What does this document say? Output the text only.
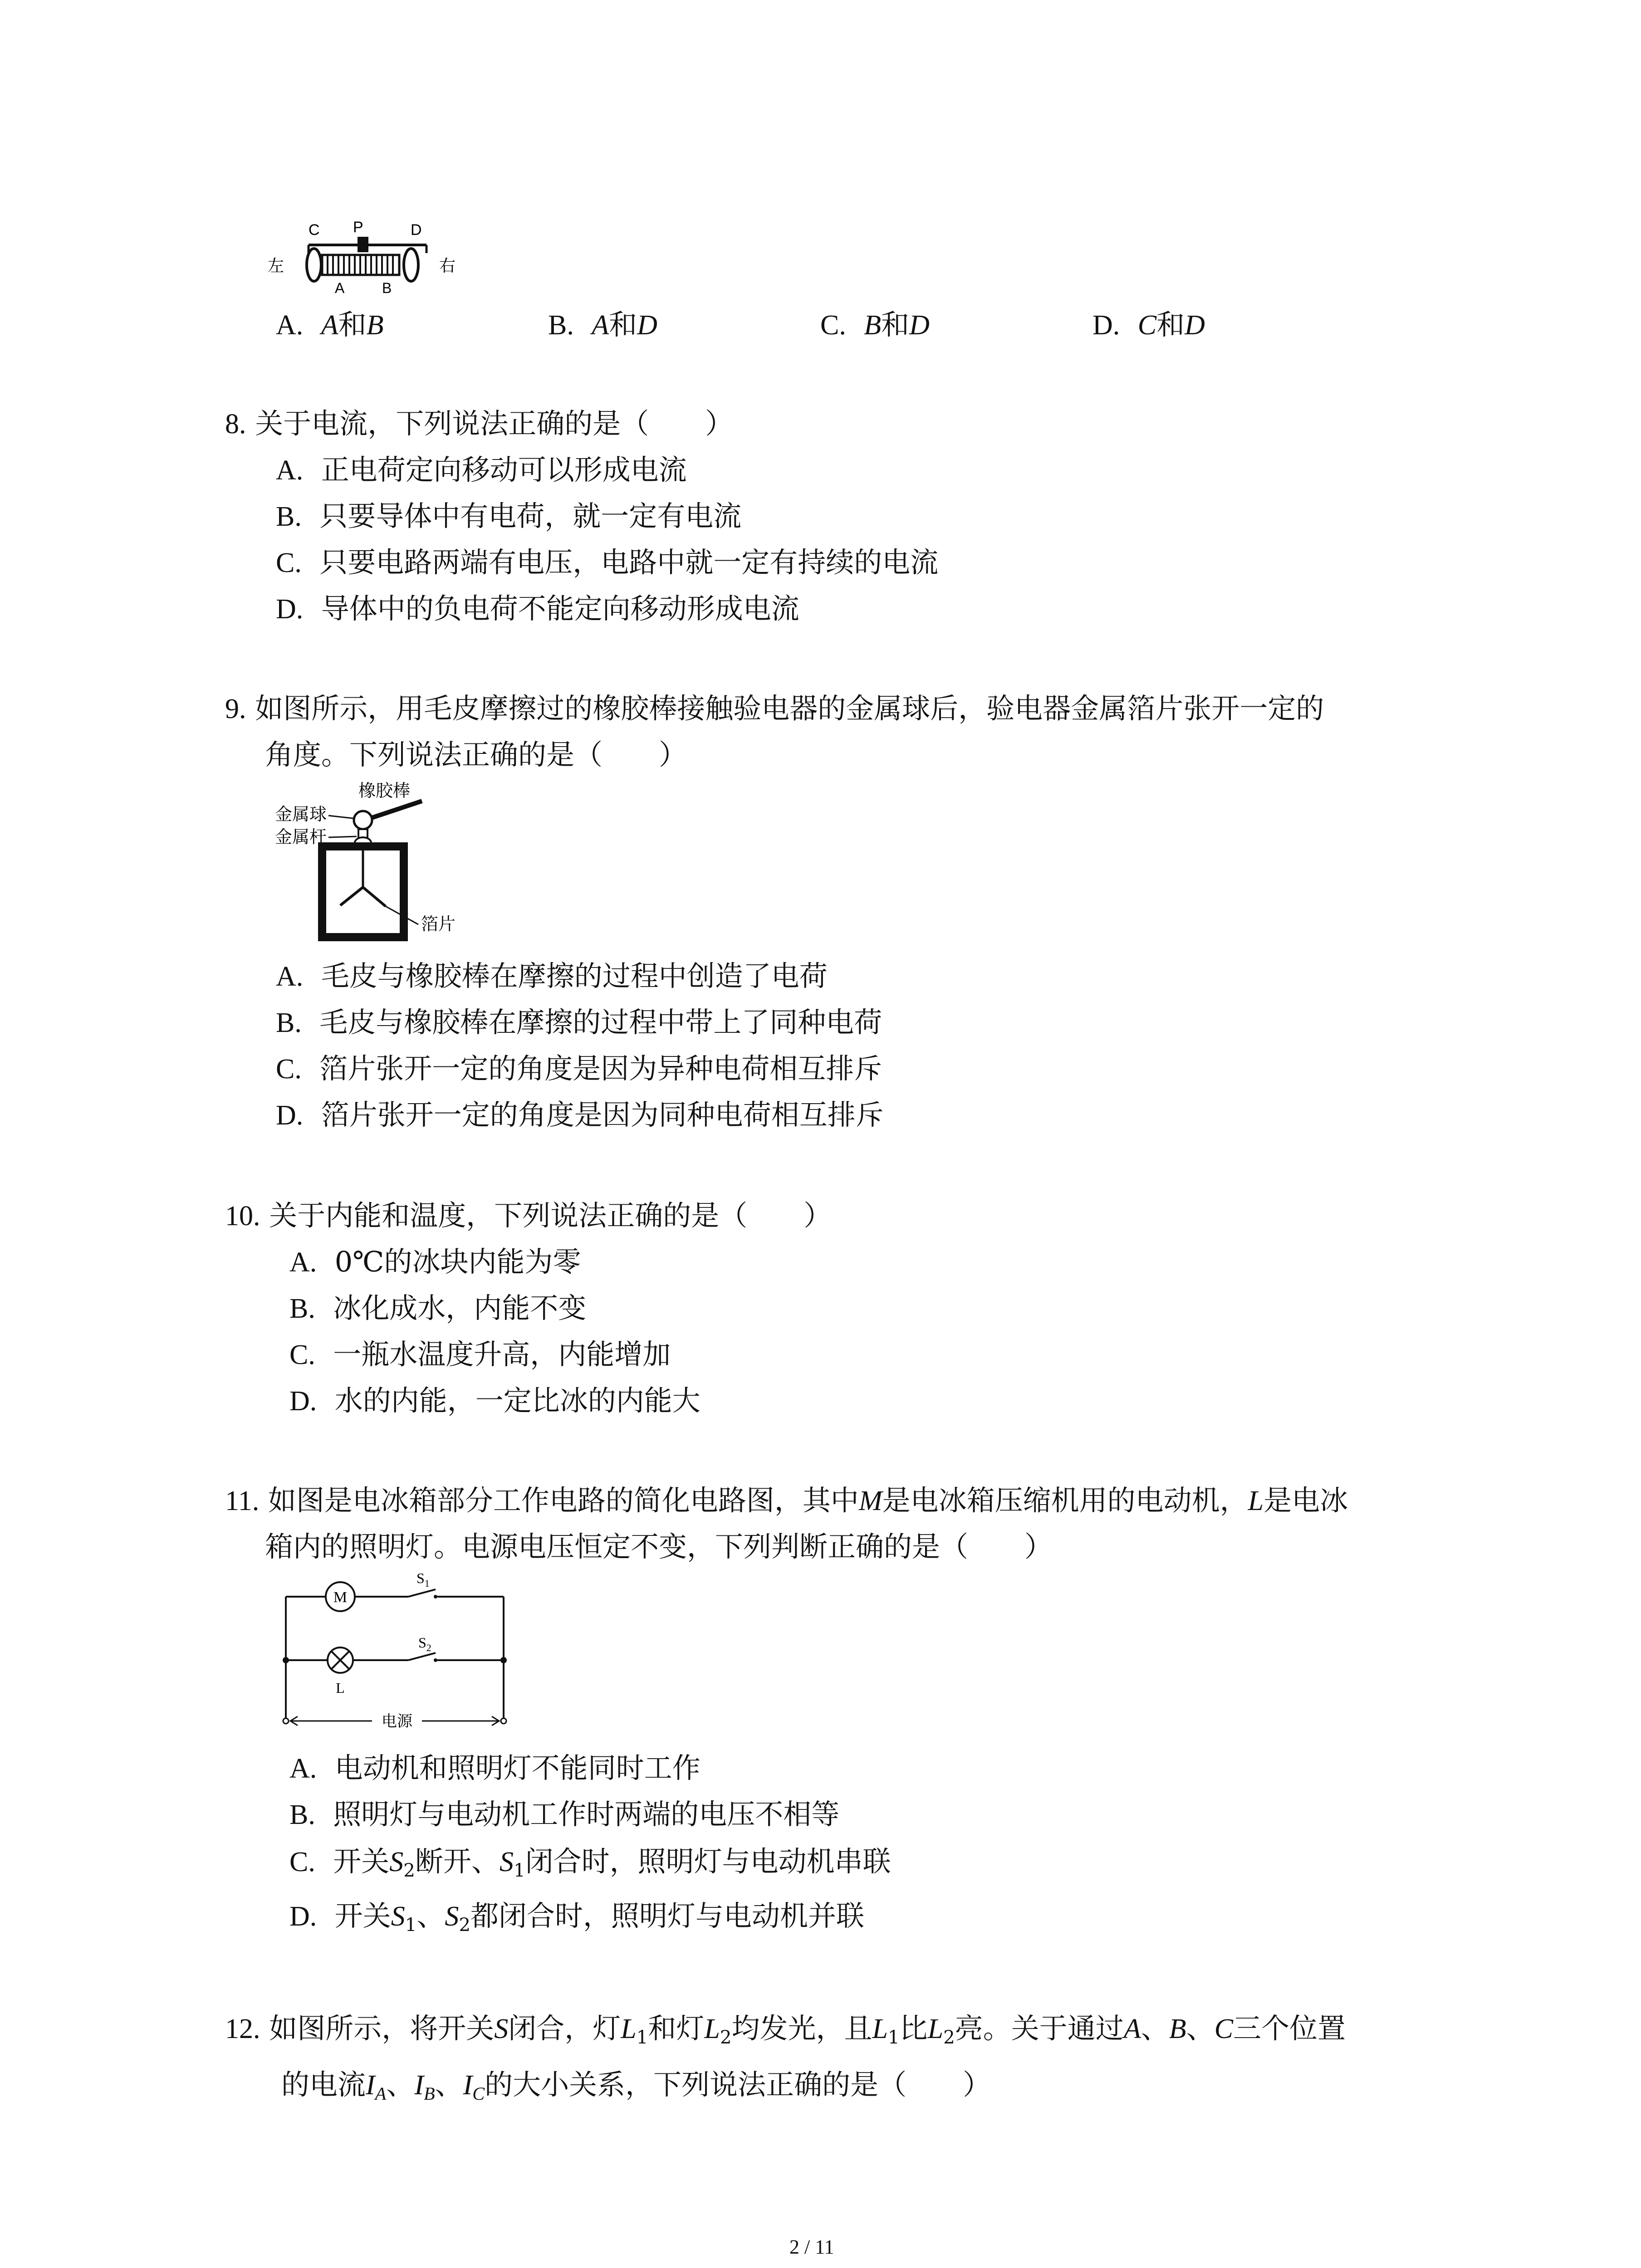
C P	D
左	右
A	B
A. A和B	B. A和D	C. B和D	D. C和D
8. 关于电流，下列说法正确的是（　　）
A. 正电荷定向移动可以形成电流
B. 只要导体中有电荷，就一定有电流
C. 只要电路两端有电压，电路中就一定有持续的电流
D. 导体中的负电荷不能定向移动形成电流
9. 如图所示，用毛皮摩擦过的橡胶棒接触验电器的金属球后，验电器金属箔片张开一定的
角度。下列说法正确的是（　　）
橡胶棒
金属球
金属杆
箔片
A. 毛皮与橡胶棒在摩擦的过程中创造了电荷
B. 毛皮与橡胶棒在摩擦的过程中带上了同种电荷
C. 箔片张开一定的角度是因为异种电荷相互排斥
D. 箔片张开一定的角度是因为同种电荷相互排斥
10. 关于内能和温度，下列说法正确的是（　　）
A. 0℃的冰块内能为零
B. 冰化成水，内能不变
C. 一瓶水温度升高，内能增加
D. 水的内能，一定比冰的内能大
11. 如图是电冰箱部分工作电路的简化电路图，其中M是电冰箱压缩机用的电动机，L是电冰
箱内的照明灯。电源电压恒定不变，下列判断正确的是（　　）
M
$S_1$
L
$S_2$
电源
A. 电动机和照明灯不能同时工作
B. 照明灯与电动机工作时两端的电压不相等
C. 开关$S_2$断开、$S_1$闭合时，照明灯与电动机串联
D. 开关$S_1$、$S_2$都闭合时，照明灯与电动机并联
12. 如图所示，将开关S闭合，灯$L_1$和灯$L_2$均发光，且$L_1$比$L_2$亮。关于通过A、B、C三个位置
的电流$I_A$、$I_B$、$I_C$的大小关系，下列说法正确的是（　　）
2 / 11
